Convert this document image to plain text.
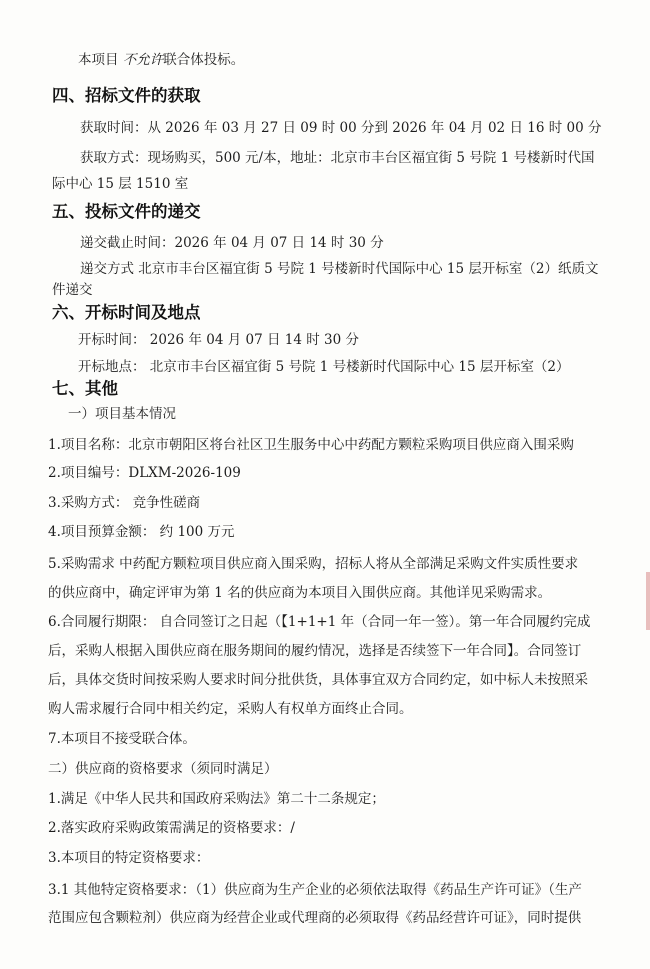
本项目 不允许联合体投标。
四、招标文件的获取
获取时间：从 2026 年 03 月 27 日 09 时 00 分到 2026 年 04 月 02 日 16 时 00 分
获取方式：现场购买，500 元/本，地址：北京市丰台区福宜街 5 号院 1 号楼新时代国
际中心 15 层 1510 室
五、投标文件的递交
递交截止时间：2026 年 04 月 07 日 14 时 30 分
递交方式 北京市丰台区福宜街 5 号院 1 号楼新时代国际中心 15 层开标室（2）纸质文
件递交
六、开标时间及地点
开标时间： 2026 年 04 月 07 日 14 时 30 分
开标地点： 北京市丰台区福宜街 5 号院 1 号楼新时代国际中心 15 层开标室（2）
七、其他
一）项目基本情况
1.项目名称：北京市朝阳区将台社区卫生服务中心中药配方颗粒采购项目供应商入围采购
2.项目编号：DLXM-2026-109
3.采购方式： 竞争性磋商
4.项目预算金额： 约 100 万元
5.采购需求 中药配方颗粒项目供应商入围采购，招标人将从全部满足采购文件实质性要求
的供应商中，确定评审为第 1 名的供应商为本项目入围供应商。其他详见采购需求。
6.合同履行期限： 自合同签订之日起（【1+1+1 年（合同一年一签）。第一年合同履约完成
后，采购人根据入围供应商在服务期间的履约情况，选择是否续签下一年合同】。合同签订
后，具体交货时间按采购人要求时间分批供货，具体事宜双方合同约定，如中标人未按照采
购人需求履行合同中相关约定，采购人有权单方面终止合同。
7.本项目不接受联合体。
二）供应商的资格要求（须同时满足）
1.满足《中华人民共和国政府采购法》第二十二条规定；
2.落实政府采购政策需满足的资格要求：/
3.本项目的特定资格要求：
3.1 其他特定资格要求：（1）供应商为生产企业的必须依法取得《药品生产许可证》（生产
范围应包含颗粒剂）供应商为经营企业或代理商的必须取得《药品经营许可证》，同时提供
